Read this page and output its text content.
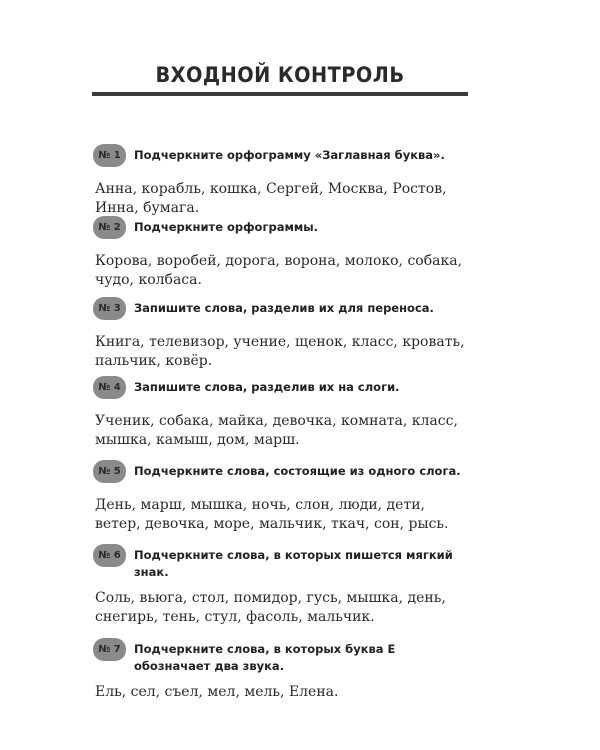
ВХОДНОЙ КОНТРОЛЬ
№ 1	Подчеркните орфограмму «Заглавная буква».
Анна, корабль, кошка, Сергей, Москва, Ростов, Инна, бумага.
№ 2	Подчеркните орфограммы.
Корова, воробей, дорога, ворона, молоко, собака, чудо, колбаса.
№ 3	Запишите слова, разделив их для переноса.
Книга, телевизор, учение, щенок, класс, кровать, пальчик, ковёр.
№ 4	Запишите слова, разделив их на слоги.
Ученик, собака, майка, девочка, комната, класс, мышка, камыш, дом, марш.
№ 5	Подчеркните слова, состоящие из одного слога.
День, марш, мышка, ночь, слон, люди, дети, ветер, девочка, море, мальчик, ткач, сон, рысь.
№ 6	Подчеркните слова, в которых пишется мягкий знак.
Соль, вьюга, стол, помидор, гусь, мышка, день, снегирь, тень, стул, фасоль, мальчик.
№ 7	Подчеркните слова, в которых буква Е обозначает два звука.
Ель, сел, съел, мел, мель, Елена.
